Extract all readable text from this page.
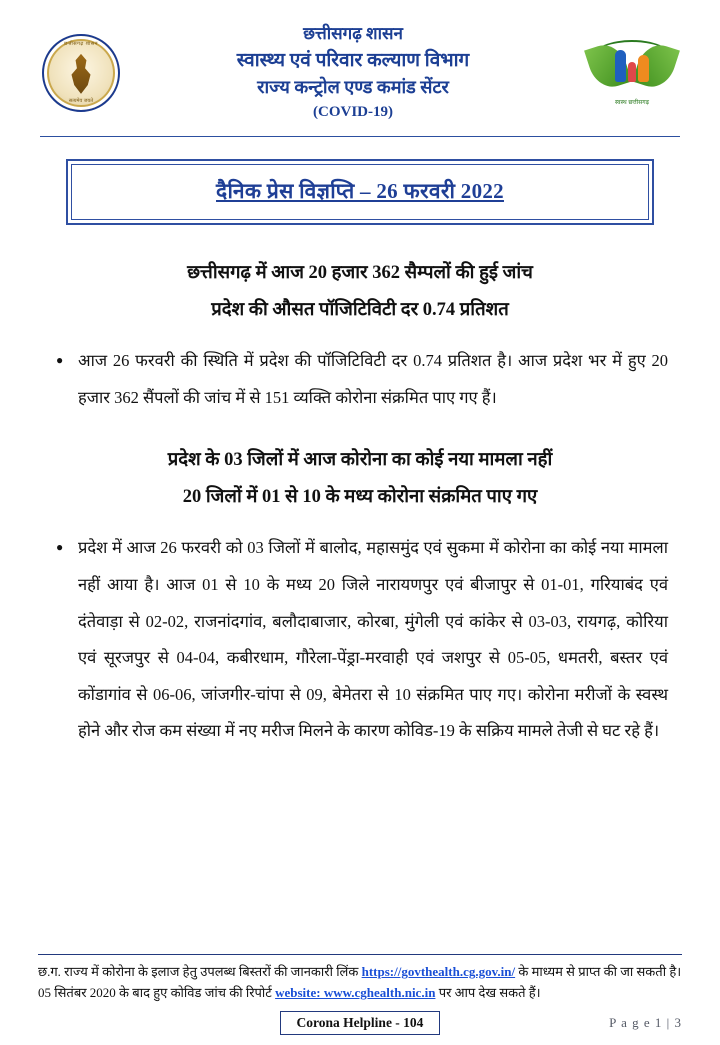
छत्तीसगढ़ शासन
सत्यमेव जयते
छत्तीसगढ़ शासन
स्वास्थ्य एवं परिवार कल्याण विभाग
राज्य कन्ट्रोल एण्ड कमांड सेंटर
(COVID-19)
स्वस्थ छत्तीसगढ़
दैनिक प्रेस विज्ञप्ति – 26 फरवरी 2022
छत्तीसगढ़ में आज 20 हजार 362 सैम्पलों की हुई जांच
प्रदेश की औसत पॉजिटिविटी दर 0.74 प्रतिशत
● आज 26 फरवरी की स्थिति में प्रदेश की पॉजिटिविटी दर 0.74 प्रतिशत है। आज प्रदेश भर में हुए 20 हजार 362 सैंपलों की जांच में से 151 व्यक्ति कोरोना संक्रमित पाए गए हैं।
प्रदेश के 03 जिलों में आज कोरोना का कोई नया मामला नहीं
20 जिलों में 01 से 10 के मध्य कोरोना संक्रमित पाए गए
● प्रदेश में आज 26 फरवरी को 03 जिलों में बालोद, महासमुंद एवं सुकमा में कोरोना का कोई नया मामला नहीं आया है। आज 01 से 10 के मध्य 20 जिले नारायणपुर एवं बीजापुर से 01-01, गरियाबंद एवं दंतेवाड़ा से 02-02, राजनांदगांव, बलौदाबाजार, कोरबा, मुंगेली एवं कांकेर से 03-03, रायगढ़, कोरिया एवं सूरजपुर से 04-04, कबीरधाम, गौरेला-पेंड्रा-मरवाही एवं जशपुर से 05-05, धमतरी, बस्तर एवं कोंडागांव से 06-06, जांजगीर-चांपा से 09, बेमेतरा से 10 संक्रमित पाए गए। कोरोना मरीजों के स्वस्थ होने और रोज कम संख्या में नए मरीज मिलने के कारण कोविड-19 के सक्रिय मामले तेजी से घट रहे हैं।
छ.ग. राज्य में कोरोना के इलाज हेतु उपलब्ध बिस्तरों की जानकारी लिंक https://govthealth.cg.gov.in/ के माध्यम से प्राप्त की जा सकती है।
05 सितंबर 2020 के बाद हुए कोविड जांच की रिपोर्ट website: www.cghealth.nic.in पर आप देख सकते हैं।
Corona Helpline - 104	P a g e 1 | 3
